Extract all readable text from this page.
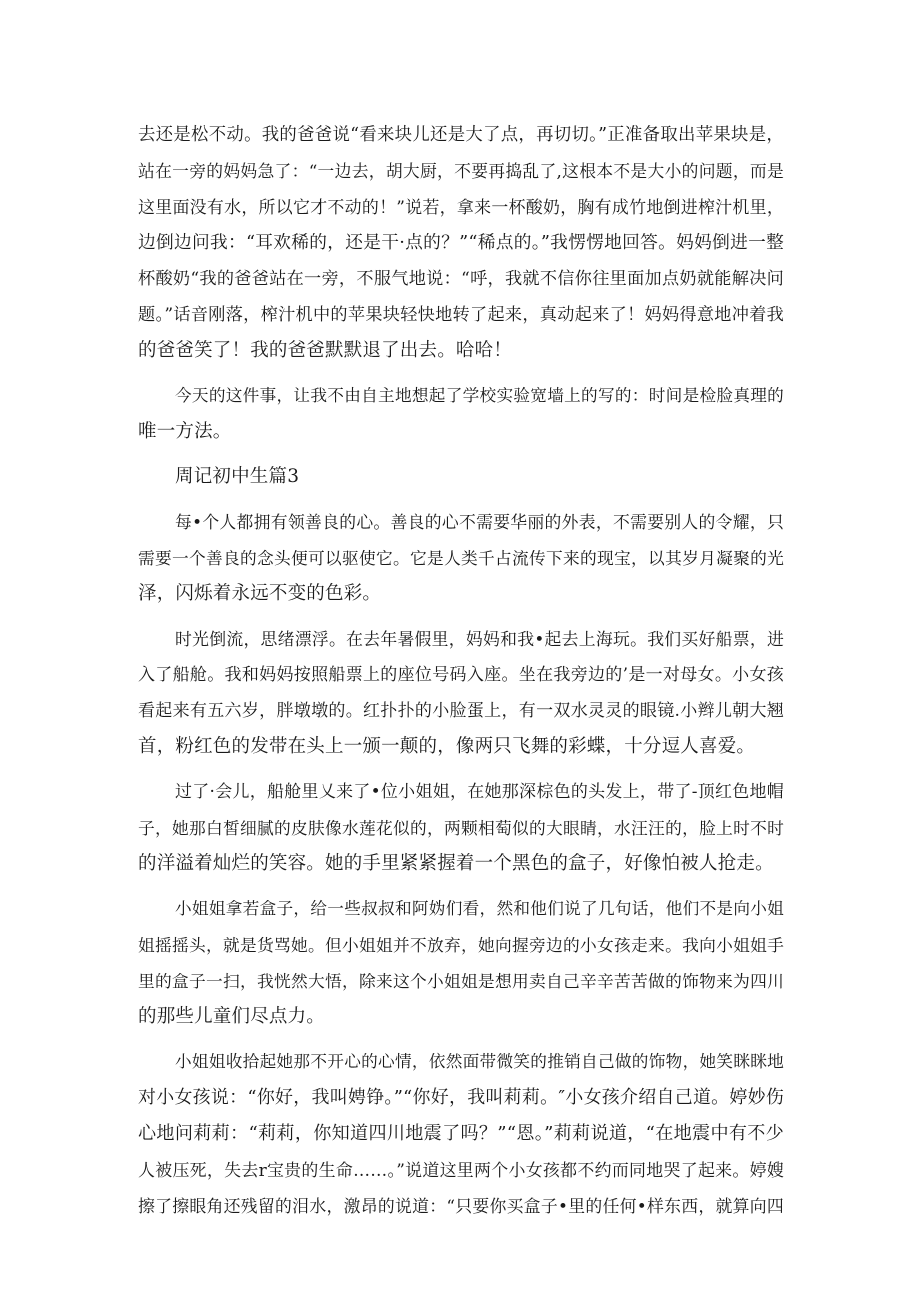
去还是松不动。我的爸爸说“看来块儿还是大了点，再切切。”正准备取出苹果块是，
站在一旁的妈妈急了：“一边去，胡大厨，不要再捣乱了,这根本不是大小的问题，而是
这里面没有水，所以它才不动的！”说若，拿来一杯酸奶，胸有成竹地倒进榨汁机里，
边倒边问我：“耳欢稀的，还是干·点的？”“稀点的。”我愣愣地回答。妈妈倒进一整
杯酸奶“我的爸爸站在一旁，不服气地说：“呼，我就不信你往里面加点奶就能解决问
题。”话音刚落，榨汁机中的苹果块轻快地转了起来，真动起来了！妈妈得意地冲着我
的爸爸笑了！我的爸爸默默退了出去。哈哈！
今天的这件事，让我不由自主地想起了学校实验宽墙上的写的：时间是检脸真理的
唯一方法。
周记初中生篇3
每•个人都拥有领善良的心。善良的心不需要华丽的外表，不需要别人的令耀，只
需要一个善良的念头便可以驱使它。它是人类千占流传下来的现宝，以其岁月凝聚的光
泽，闪烁着永远不变的色彩。
时光倒流，思绪漂浮。在去年暑假里，妈妈和我•起去上海玩。我们买好船票，进
入了船舱。我和妈妈按照船票上的座位号码入座。坐在我旁边的’是一对母女。小女孩
看起来有五六岁，胖墩墩的。红扑扑的小脸蛋上，有一双水灵灵的眼镜.小辫儿朝大翘
首，粉红色的发带在头上一颁一颠的，像两只飞舞的彩蝶，十分逗人喜爱。
过了·会儿，船舱里乂来了•位小姐姐，在她那深棕色的头发上，带了-顶红色地帽
子，她那白皙细腻的皮肤像水莲花似的，两颗相萄似的大眼睛，水汪汪的，脸上时不时
的洋溢着灿烂的笑容。她的手里紧紧握着一个黑色的盒子，好像怕被人抢走。
小姐姐拿若盒子，给一些叔叔和阿妫们看，然和他们说了几句话，他们不是向小姐
姐摇摇头，就是货骂她。但小姐姐并不放弃，她向握旁边的小女孩走来。我向小姐姐手
里的盒子一扫，我恍然大悟，除来这个小姐姐是想用卖自己辛辛苦苦做的饰物来为四川
的那些儿童们尽点力。
小姐姐收拾起她那不开心的心情，依然面带微笑的推销自己做的饰物，她笑眯眯地
对小女孩说：“你好，我叫娉铮。”“你好，我叫莉莉。″小女孩介绍自己道。婷妙伤
心地问莉莉：“莉莉，你知道四川地震了吗？”“恩。”莉莉说道，“在地震中有不少
人被压死，失去r宝贵的生命……。”说道这里两个小女孩都不约而同地哭了起来。婷嫂
擦了擦眼角还残留的泪水，激昂的说道：“只要你买盒子•里的任何•样东西，就算向四
